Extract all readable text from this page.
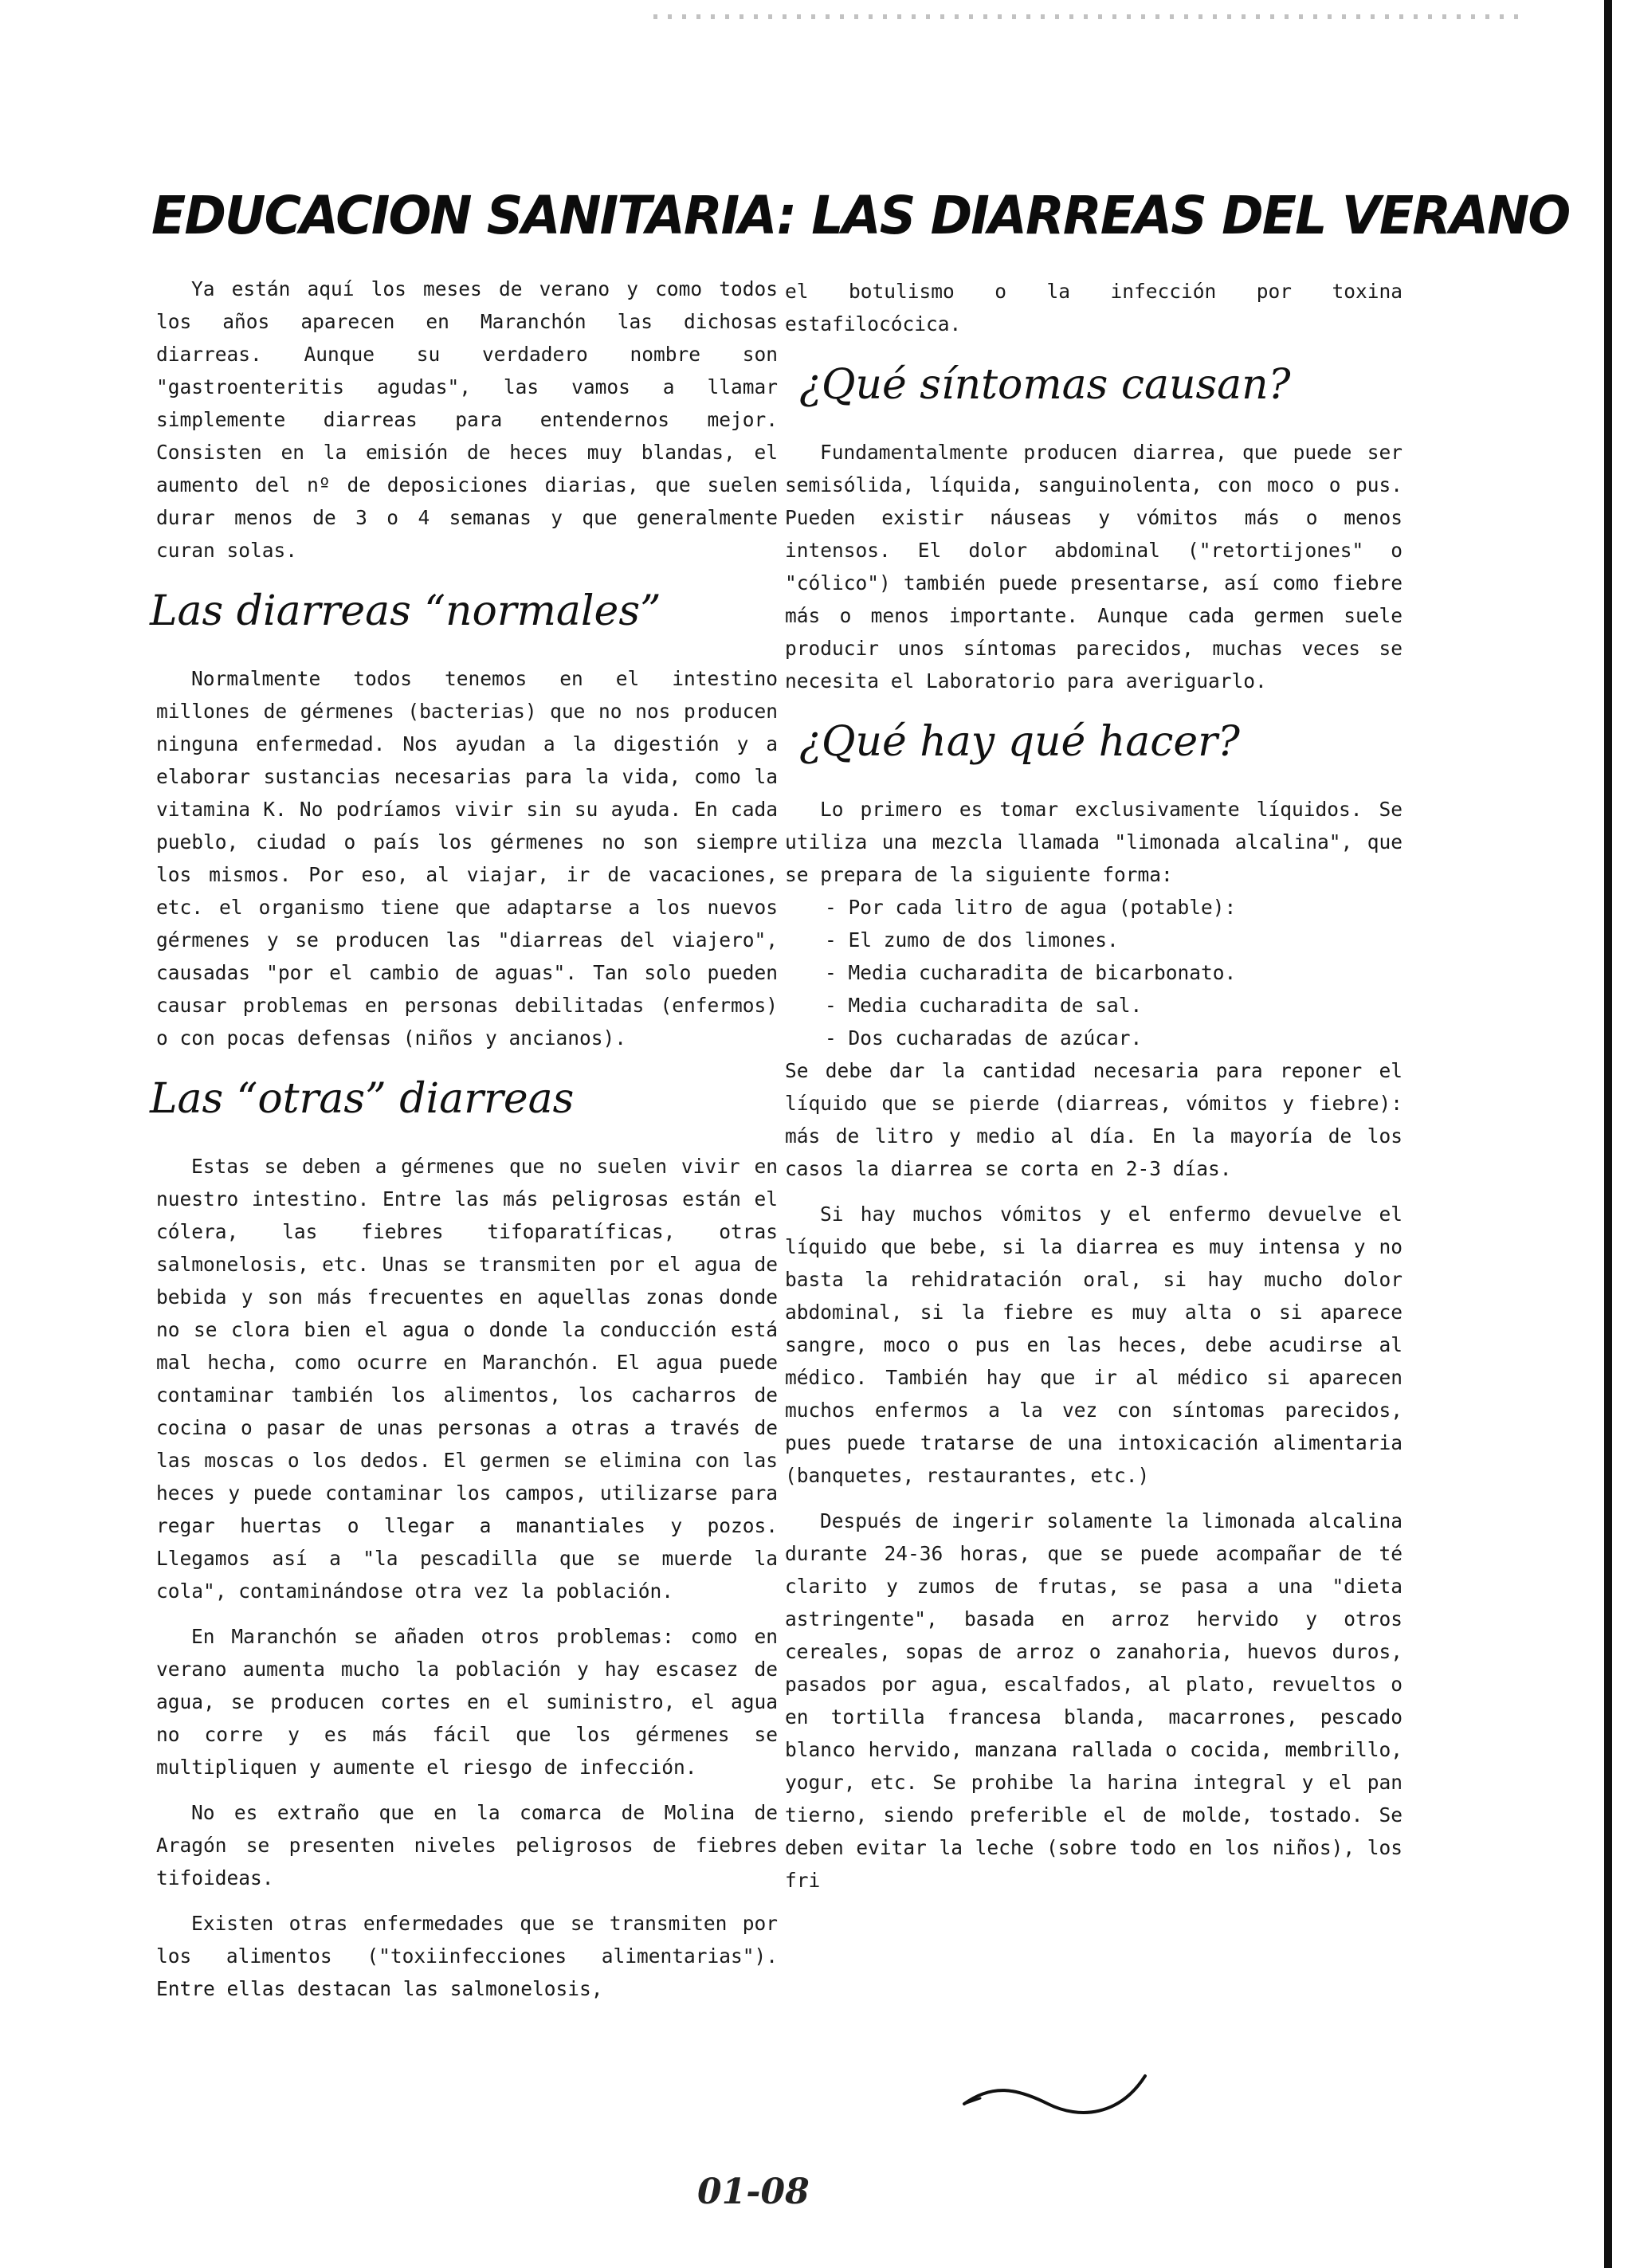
EDUCACION SANITARIA: LAS DIARREAS DEL VERANO

Ya están aquí los meses de verano y como todos los años aparecen en Maranchón las dichosas diarreas. Aunque su verdadero nombre son "gastroenteritis agudas", las vamos a llamar simplemente diarreas para entendernos mejor. Consisten en la emisión de heces muy blandas, el aumento del nº de deposiciones diarias, que suelen durar menos de 3 o 4 semanas y que generalmente curan solas.

Las diarreas “normales”

Normalmente todos tenemos en el intestino millones de gérmenes (bacterias) que no nos producen ninguna enfermedad. Nos ayudan a la digestión y a elaborar sustancias necesarias para la vida, como la vitamina K. No podríamos vivir sin su ayuda. En cada pueblo, ciudad o país los gérmenes no son siempre los mismos. Por eso, al viajar, ir de vacaciones, etc. el organismo tiene que adaptarse a los nuevos gérmenes y se producen las "diarreas del viajero", causadas "por el cambio de aguas". Tan solo pueden causar problemas en personas debilitadas (enfermos) o con pocas defensas (niños y ancianos).

Las “otras” diarreas

Estas se deben a gérmenes que no suelen vivir en nuestro intestino. Entre las más peligrosas están el cólera, las fiebres tifoparatíficas, otras salmonelosis, etc. Unas se transmiten por el agua de bebida y son más frecuentes en aquellas zonas donde no se clora bien el agua o donde la conducción está mal hecha, como ocurre en Maranchón. El agua puede contaminar también los alimentos, los cacharros de cocina o pasar de unas personas a otras a través de las moscas o los dedos. El germen se elimina con las heces y puede contaminar los campos, utilizarse para regar huertas o llegar a manantiales y pozos. Llegamos así a "la pescadilla que se muerde la cola", contaminándose otra vez la población.

En Maranchón se añaden otros problemas: como en verano aumenta mucho la población y hay escasez de agua, se producen cortes en el suministro, el agua no corre y es más fácil que los gérmenes se multipliquen y aumente el riesgo de infección.

No es extraño que en la comarca de Molina de Aragón se presenten niveles peligrosos de fiebres tifoideas.

Existen otras enfermedades que se transmiten por los alimentos ("toxiinfecciones alimentarias"). Entre ellas destacan las salmonelosis,

el botulismo o la infección por toxina estafilocócica.

¿Qué síntomas causan?

Fundamentalmente producen diarrea, que puede ser semisólida, líquida, sanguinolenta, con moco o pus. Pueden existir náuseas y vómitos más o menos intensos. El dolor abdominal ("retortijones" o "cólico") también puede presentarse, así como fiebre más o menos importante. Aunque cada germen suele producir unos síntomas parecidos, muchas veces se necesita el Laboratorio para averiguarlo.

¿Qué hay qué hacer?

Lo primero es tomar exclusivamente líquidos. Se utiliza una mezcla llamada "limonada alcalina", que se prepara de la siguiente forma:

- Por cada litro de agua (potable):
- El zumo de dos limones.
- Media cucharadita de bicarbonato.
- Media cucharadita de sal.
- Dos cucharadas de azúcar.

Se debe dar la cantidad necesaria para reponer el líquido que se pierde (diarreas, vómitos y fiebre): más de litro y medio al día. En la mayoría de los casos la diarrea se corta en 2-3 días.

Si hay muchos vómitos y el enfermo devuelve el líquido que bebe, si la diarrea es muy intensa y no basta la rehidratación oral, si hay mucho dolor abdominal, si la fiebre es muy alta o si aparece sangre, moco o pus en las heces, debe acudirse al médico. También hay que ir al médico si aparecen muchos enfermos a la vez con síntomas parecidos, pues puede tratarse de una intoxicación alimentaria (banquetes, restaurantes, etc.)

Después de ingerir solamente la limonada alcalina durante 24-36 horas, que se puede acompañar de té clarito y zumos de frutas, se pasa a una "dieta astringente", basada en arroz hervido y otros cereales, sopas de arroz o zanahoria, huevos duros, pasados por agua, escalfados, al plato, revueltos o en tortilla francesa blanda, macarrones, pescado blanco hervido, manzana rallada o cocida, membrillo, yogur, etc. Se prohibe la harina integral y el pan tierno, siendo preferible el de molde, tostado. Se deben evitar la leche (sobre todo en los niños), los fri

01-08
